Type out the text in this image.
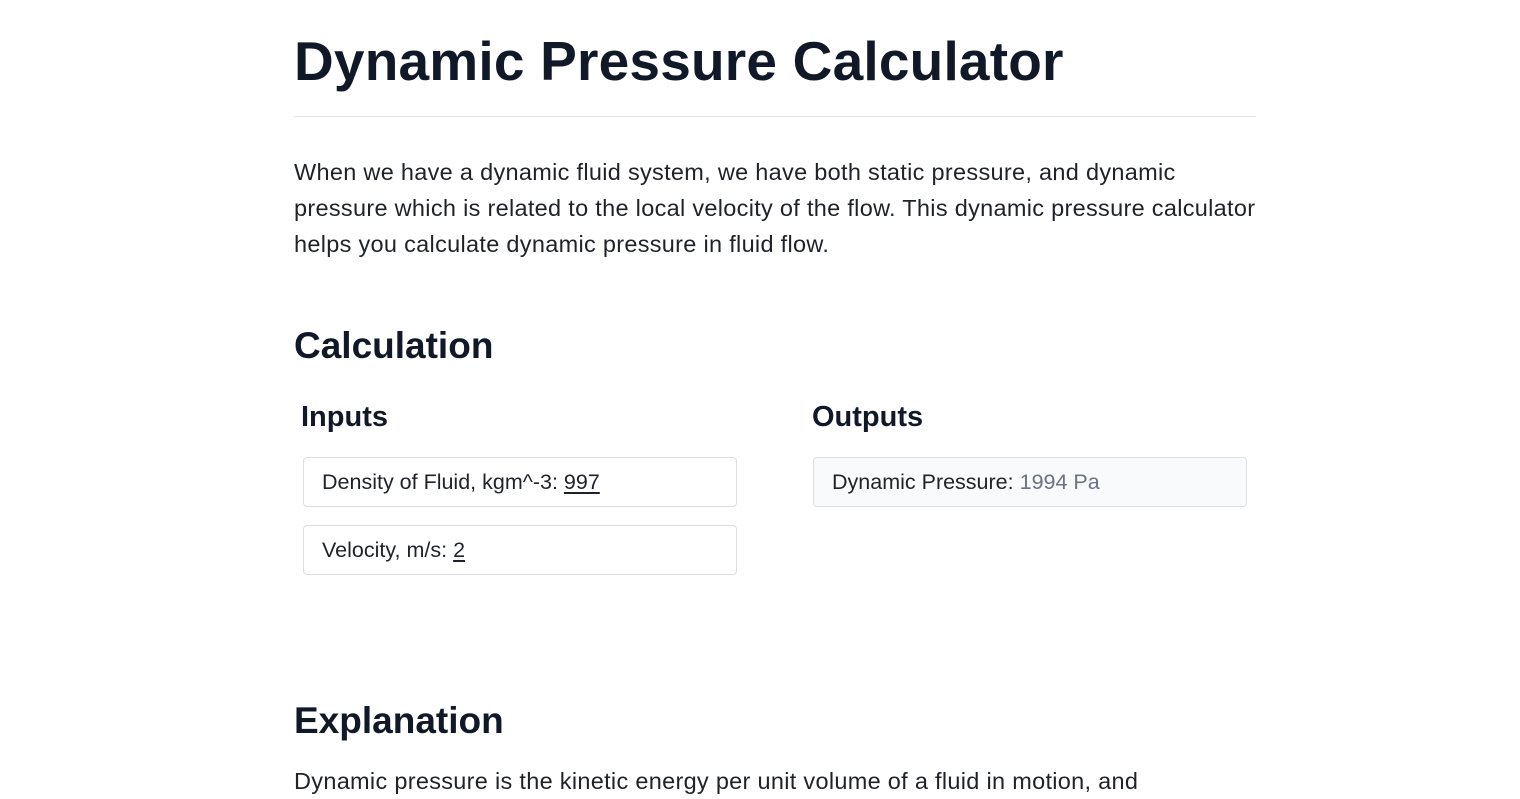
Dynamic Pressure Calculator

When we have a dynamic fluid system, we have both static pressure, and dynamic pressure which is related to the local velocity of the flow. This dynamic pressure calculator helps you calculate dynamic pressure in fluid flow.

Calculation
Inputs	Outputs
Density of Fluid, kgm^-3: 997
Velocity, m/s: 2
Dynamic Pressure: 1994 Pa
Explanation

Dynamic pressure is the kinetic energy per unit volume of a fluid in motion, and
